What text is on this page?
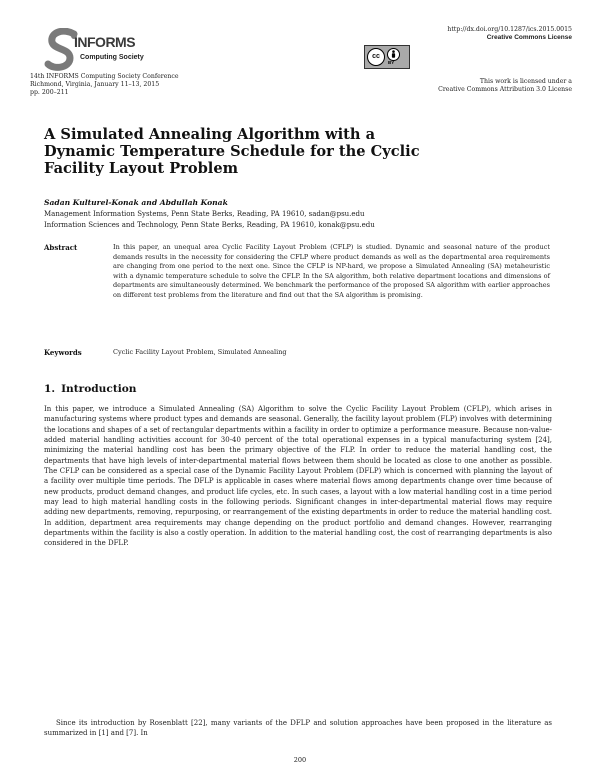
INFORMS
Computing Society
14th INFORMS Computing Society Conference
Richmond, Virginia, January 11–13, 2015
pp. 200–211
http://dx.doi.org/10.1287/ics.2015.0015
Creative Commons License
cc
BY
This work is licensed under a
Creative Commons Attribution 3.0 License
A Simulated Annealing Algorithm with a
Dynamic Temperature Schedule for the Cyclic
Facility Layout Problem
Sadan Kulturel-Konak and Abdullah Konak
Management Information Systems, Penn State Berks, Reading, PA 19610, sadan@psu.edu
Information Sciences and Technology, Penn State Berks, Reading, PA 19610, konak@psu.edu
Abstract	In this paper, an unequal area Cyclic Facility Layout Problem (CFLP) is studied. Dynamic and seasonal nature of the product demands results in the necessity for considering the CFLP where product demands as well as the departmental area requirements are changing from one period to the next one. Since the CFLP is NP-hard, we propose a Simulated Annealing (SA) metaheuristic with a dynamic temperature schedule to solve the CFLP. In the SA algorithm, both relative department locations and dimensions of departments are simultaneously determined. We benchmark the performance of the proposed SA algorithm with earlier approaches on different test problems from the literature and find out that the SA algorithm is promising.
Keywords	Cyclic Facility Layout Problem, Simulated Annealing
1. Introduction
In this paper, we introduce a Simulated Annealing (SA) Algorithm to solve the Cyclic Facility Layout Problem (CFLP), which arises in manufacturing systems where product types and demands are seasonal. Generally, the facility layout problem (FLP) involves with determining the locations and shapes of a set of rectangular departments within a facility in order to optimize a performance measure. Because non-value-added material handling activities account for 30-40 percent of the total operational expenses in a typical manufacturing system [24], minimizing the material handling cost has been the primary objective of the FLP. In order to reduce the material handling cost, the departments that have high levels of inter-departmental material flows between them should be located as close to one another as possible. The CFLP can be considered as a special case of the Dynamic Facility Layout Problem (DFLP) which is concerned with planning the layout of a facility over multiple time periods. The DFLP is applicable in cases where material flows among departments change over time because of new products, product demand changes, and product life cycles, etc. In such cases, a layout with a low material handling cost in a time period may lead to high material handling costs in the following periods. Significant changes in inter-departmental material flows may require adding new departments, removing, repurposing, or rearrangement of the existing departments in order to reduce the material handling cost. In addition, department area requirements may change depending on the product portfolio and demand changes. However, rearranging departments within the facility is also a costly operation. In addition to the material handling cost, the cost of rearranging departments is also considered in the DFLP.
Since its introduction by Rosenblatt [22], many variants of the DFLP and solution approaches have been proposed in the literature as summarized in [1] and [7]. In
200
